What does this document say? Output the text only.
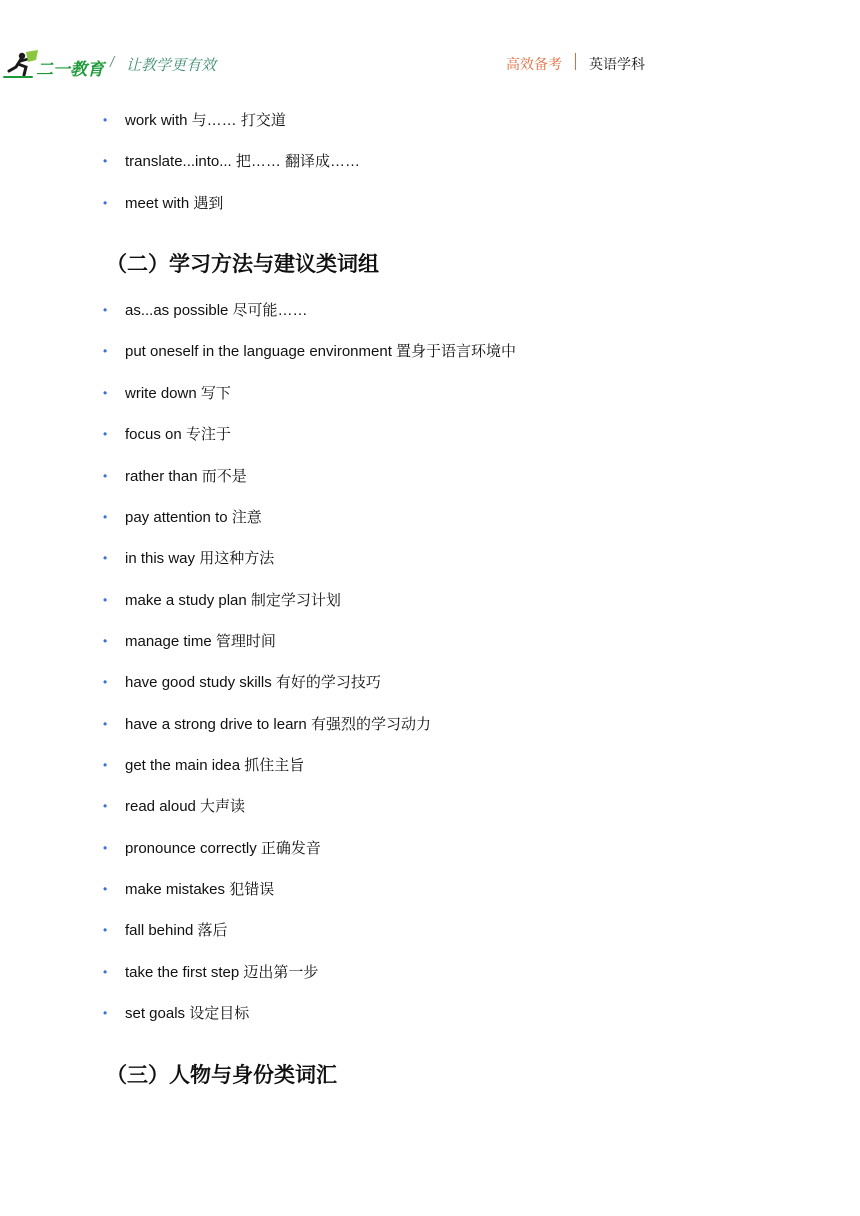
二一教育 / 让教学更有效	高效备考 英语学科
• work with 与…… 打交道
• translate...into... 把…… 翻译成……
• meet with 遇到
（二）学习方法与建议类词组
• as...as possible 尽可能……
• put oneself in the language environment 置身于语言环境中
• write down 写下
• focus on 专注于
• rather than 而不是
• pay attention to 注意
• in this way 用这种方法
• make a study plan 制定学习计划
• manage time 管理时间
• have good study skills 有好的学习技巧
• have a strong drive to learn 有强烈的学习动力
• get the main idea 抓住主旨
• read aloud 大声读
• pronounce correctly 正确发音
• make mistakes 犯错误
• fall behind 落后
• take the first step 迈出第一步
• set goals 设定目标
（三）人物与身份类词汇
